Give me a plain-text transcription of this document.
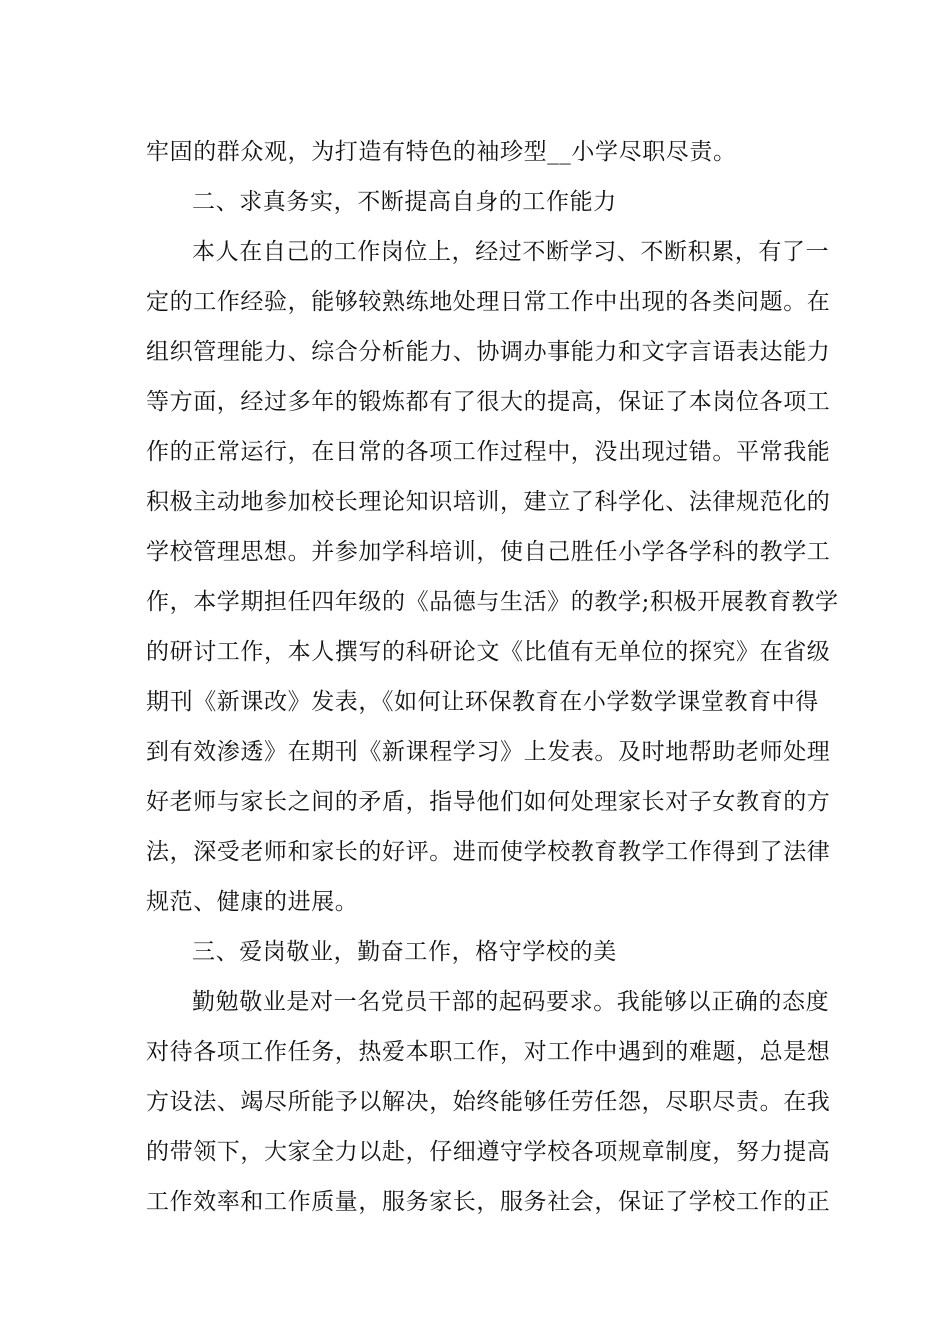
牢固的群众观，为打造有特色的袖珍型__小学尽职尽责。
二、求真务实，不断提高自身的工作能力
本人在自己的工作岗位上，经过不断学习、不断积累，有了一
定的工作经验，能够较熟练地处理日常工作中出现的各类问题。在
组织管理能力、综合分析能力、协调办事能力和文字言语表达能力
等方面，经过多年的锻炼都有了很大的提高，保证了本岗位各项工
作的正常运行，在日常的各项工作过程中，没出现过错。平常我能
积极主动地参加校长理论知识培训，建立了科学化、法律规范化的
学校管理思想。并参加学科培训，使自己胜任小学各学科的教学工
作，本学期担任四年级的《品德与生活》的教学;积极开展教育教学
的研讨工作，本人撰写的科研论文《比值有无单位的探究》在省级
期刊《新课改》发表，《如何让环保教育在小学数学课堂教育中得
到有效渗透》在期刊《新课程学习》上发表。及时地帮助老师处理
好老师与家长之间的矛盾，指导他们如何处理家长对子女教育的方
法，深受老师和家长的好评。进而使学校教育教学工作得到了法律
规范、健康的进展。
三、爱岗敬业，勤奋工作，格守学校的美
勤勉敬业是对一名党员干部的起码要求。我能够以正确的态度
对待各项工作任务，热爱本职工作，对工作中遇到的难题，总是想
方设法、竭尽所能予以解决，始终能够任劳任怨，尽职尽责。在我
的带领下，大家全力以赴，仔细遵守学校各项规章制度，努力提高
工作效率和工作质量，服务家长，服务社会，保证了学校工作的正
